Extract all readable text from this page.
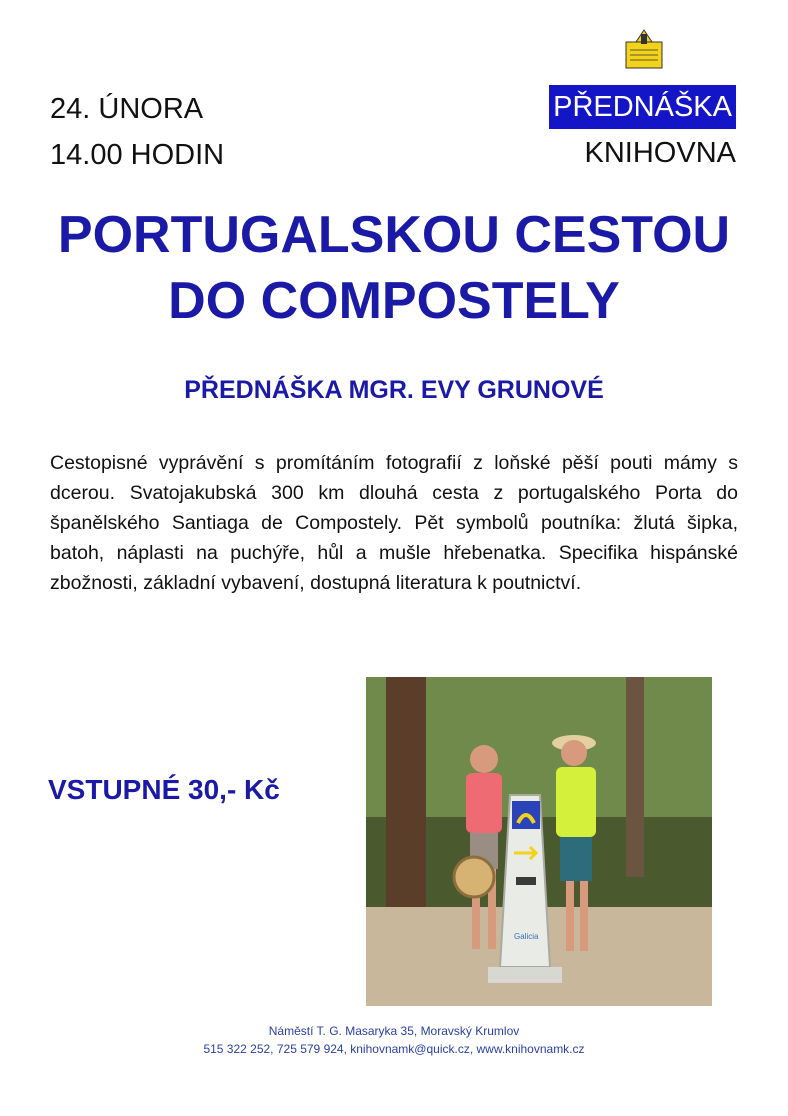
24. ÚNORA
14.00 HODIN
PŘEDNÁŠKA
KNIHOVNA
PORTUGALSKOU CESTOU
DO COMPOSTELY
PŘEDNÁŠKA MGR. EVY GRUNOVÉ
Cestopisné vyprávění s promítáním fotografií z loňské pěší pouti mámy s dcerou. Svatojakubská 300 km dlouhá cesta z portugalského Porta do španělského Santiaga de Compostely. Pět symbolů poutníka: žlutá šipka, batoh, náplasti na puchýře, hůl a mušle hřebenatka. Specifika hispánské zbožnosti, základní vybavení, dostupná literatura k poutnictví.
VSTUPNÉ 30,- Kč
Galicia
Náměstí T. G. Masaryka 35, Moravský Krumlov
515 322 252, 725 579 924, knihovnamk@quick.cz, www.knihovnamk.cz
